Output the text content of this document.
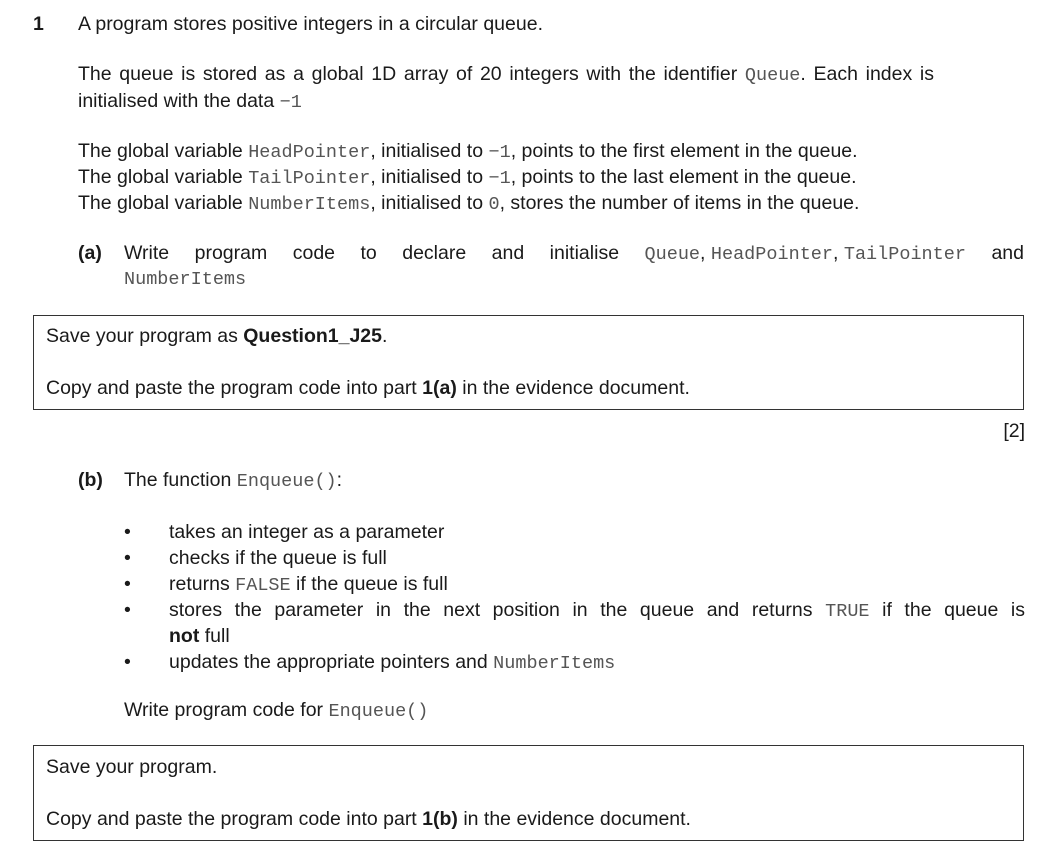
1 A program stores positive integers in a circular queue.
The queue is stored as a global 1D array of 20 integers with the identifier Queue. Each index is
initialised with the data −1
The global variable HeadPointer, initialised to −1, points to the first element in the queue.
The global variable TailPointer, initialised to −1, points to the last element in the queue.
The global variable NumberItems, initialised to 0, stores the number of items in the queue.
(a) Write program code to declare and initialise Queue, HeadPointer, TailPointer and
NumberItems
Save your program as Question1_J25.
Copy and paste the program code into part 1(a) in the evidence document.
[2]
(b) The function Enqueue():
• takes an integer as a parameter
• checks if the queue is full
• returns FALSE if the queue is full
• stores the parameter in the next position in the queue and returns TRUE if the queue is
not full
• updates the appropriate pointers and NumberItems
Write program code for Enqueue()
Save your program.
Copy and paste the program code into part 1(b) in the evidence document.
